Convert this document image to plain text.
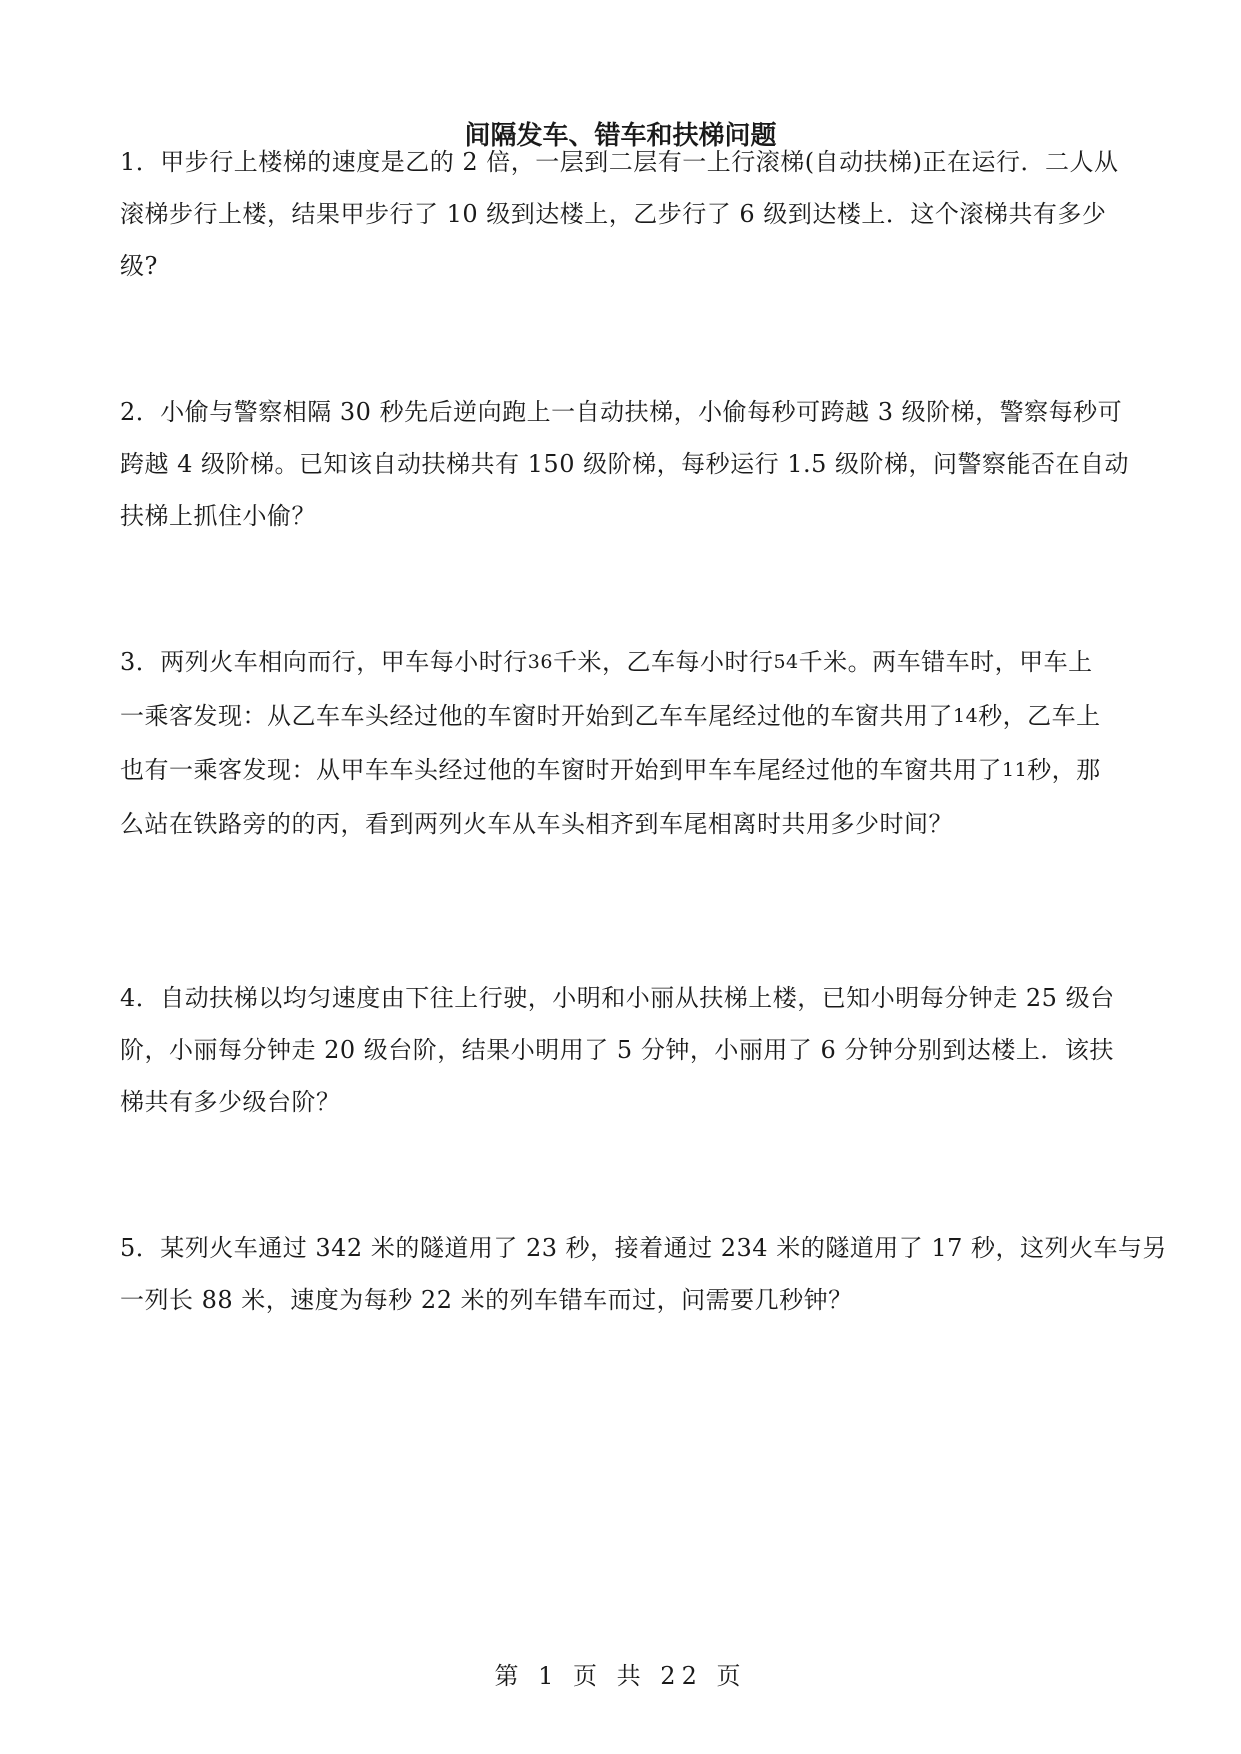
间隔发车、错车和扶梯问题
1．甲步行上楼梯的速度是乙的 2 倍，一层到二层有一上行滚梯(自动扶梯)正在运行．二人从
滚梯步行上楼，结果甲步行了 10 级到达楼上，乙步行了 6 级到达楼上．这个滚梯共有多少
级?
2．小偷与警察相隔 30 秒先后逆向跑上一自动扶梯，小偷每秒可跨越 3 级阶梯，警察每秒可
跨越 4 级阶梯。已知该自动扶梯共有 150 级阶梯，每秒运行 1.5 级阶梯，问警察能否在自动
扶梯上抓住小偷？
3．两列火车相向而行，甲车每小时行36千米，乙车每小时行54千米。两车错车时，甲车上
一乘客发现：从乙车车头经过他的车窗时开始到乙车车尾经过他的车窗共用了14秒，乙车上
也有一乘客发现：从甲车车头经过他的车窗时开始到甲车车尾经过他的车窗共用了11秒，那
么站在铁路旁的的丙，看到两列火车从车头相齐到车尾相离时共用多少时间？
4．自动扶梯以均匀速度由下往上行驶，小明和小丽从扶梯上楼，已知小明每分钟走 25 级台
阶，小丽每分钟走 20 级台阶，结果小明用了 5 分钟，小丽用了 6 分钟分别到达楼上．该扶
梯共有多少级台阶？
5．某列火车通过 342 米的隧道用了 23 秒，接着通过 234 米的隧道用了 17 秒，这列火车与另
一列长 88 米，速度为每秒 22 米的列车错车而过，问需要几秒钟？
第 1 页 共 22 页
